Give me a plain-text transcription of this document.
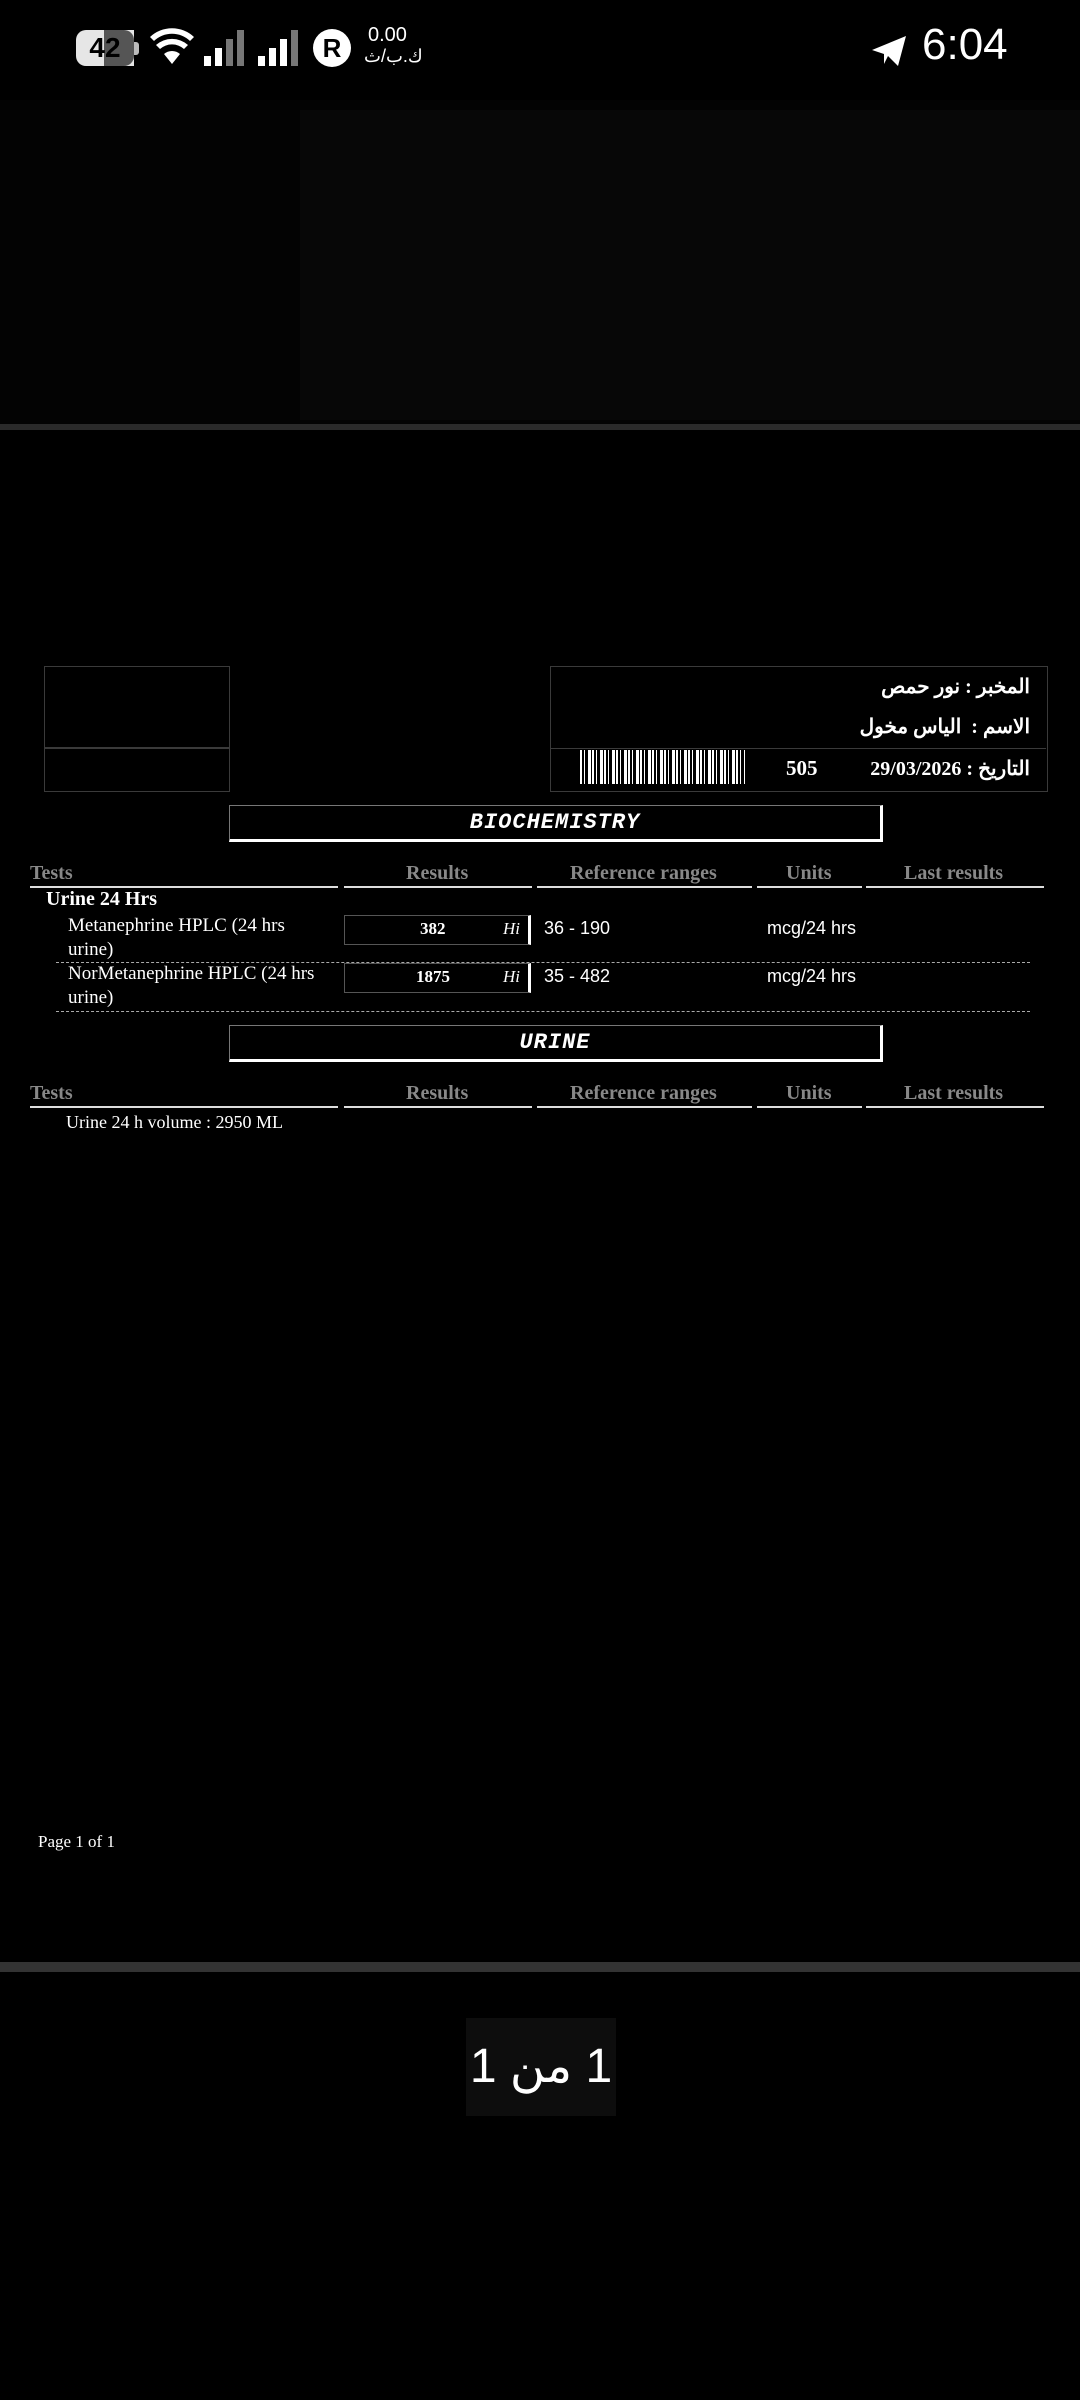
42	R	0.00
ك.ب/ث	6:04
المخبر : نور حمص
الاسم :  الياس مخول
التاريخ : 29/03/2026
505
BIOCHEMISTRY
Tests	Results	Reference ranges	Units	Last results
Urine 24 Hrs
Metanephrine HPLC (24 hrs
urine)
382	Hi 36 - 190	mcg/24 hrs
NorMetanephrine HPLC (24 hrs
urine)
1875	Hi 35 - 482	mcg/24 hrs
URINE
Tests	Results	Reference ranges	Units	Last results
Urine 24 h volume : 2950 ML
Page 1 of 1
1 من 1
